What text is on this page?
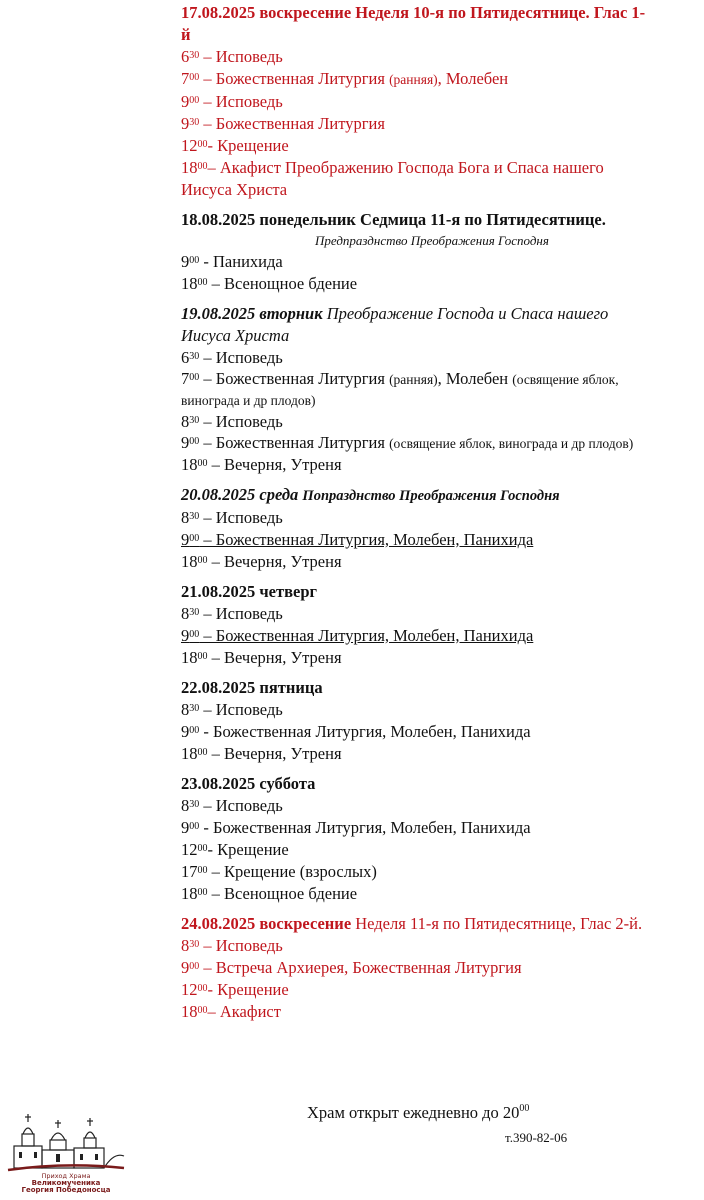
17.08.2025 воскресение Неделя 10-я по Пятидесятнице. Глас 1-й
$6^{30}$ – Исповедь
$7^{00}$ – Божественная Литургия (ранняя), Молебен
$9^{00}$ – Исповедь
$9^{30}$ – Божественная Литургия
$12^{00}-$ Крещение
$18^{00}-$ Акафист Преображению Господа Бога и Спаса нашего Иисуса Христа
18.08.2025 понедельник Седмица 11-я по Пятидесятнице.
Предпразднство Преображения Господня
$9^{00}$ - Панихида
$18^{00}$ – Всенощное бдение
19.08.2025 вторник Преображение Господа и Спаса нашего Иисуса Христа
$6^{30}$ – Исповедь
$7^{00}$ – Божественная Литургия (ранняя), Молебен (освящение яблок, винограда и др плодов)
$8^{30}$ – Исповедь
$9^{00}$ – Божественная Литургия (освящение яблок, винограда и др плодов)
$18^{00}$ – Вечерня, Утреня
20.08.2025 среда Попразднство Преображения Господня
$8^{30}$ – Исповедь
$9^{00}$ – Божественная Литургия, Молебен, Панихида
$18^{00}$ – Вечерня, Утреня
21.08.2025 четверг
$8^{30}$ – Исповедь
$9^{00}$ – Божественная Литургия, Молебен, Панихида
$18^{00}$ – Вечерня, Утреня
22.08.2025 пятница
$8^{30}$ – Исповедь
$9^{00}$ - Божественная Литургия, Молебен, Панихида
$18^{00}$ – Вечерня, Утреня
23.08.2025 суббота
$8^{30}$ – Исповедь
$9^{00}$ - Божественная Литургия, Молебен, Панихида
$12^{00}-$ Крещение
$17^{00}$ – Крещение (взрослых)
$18^{00}$ – Всенощное бдение
24.08.2025 воскресение Неделя 11-я по Пятидесятнице, Глас 2-й.
$8^{30}$ – Исповедь
$9^{00}$ – Встреча Архиерея, Божественная Литургия
$12^{00}-$ Крещение
$18^{00}-$ Акафист
Храм открыт ежедневно до $20^{00}$
т.390-82-06
Приход Храма
Великомученика
Георгия Победоносца
